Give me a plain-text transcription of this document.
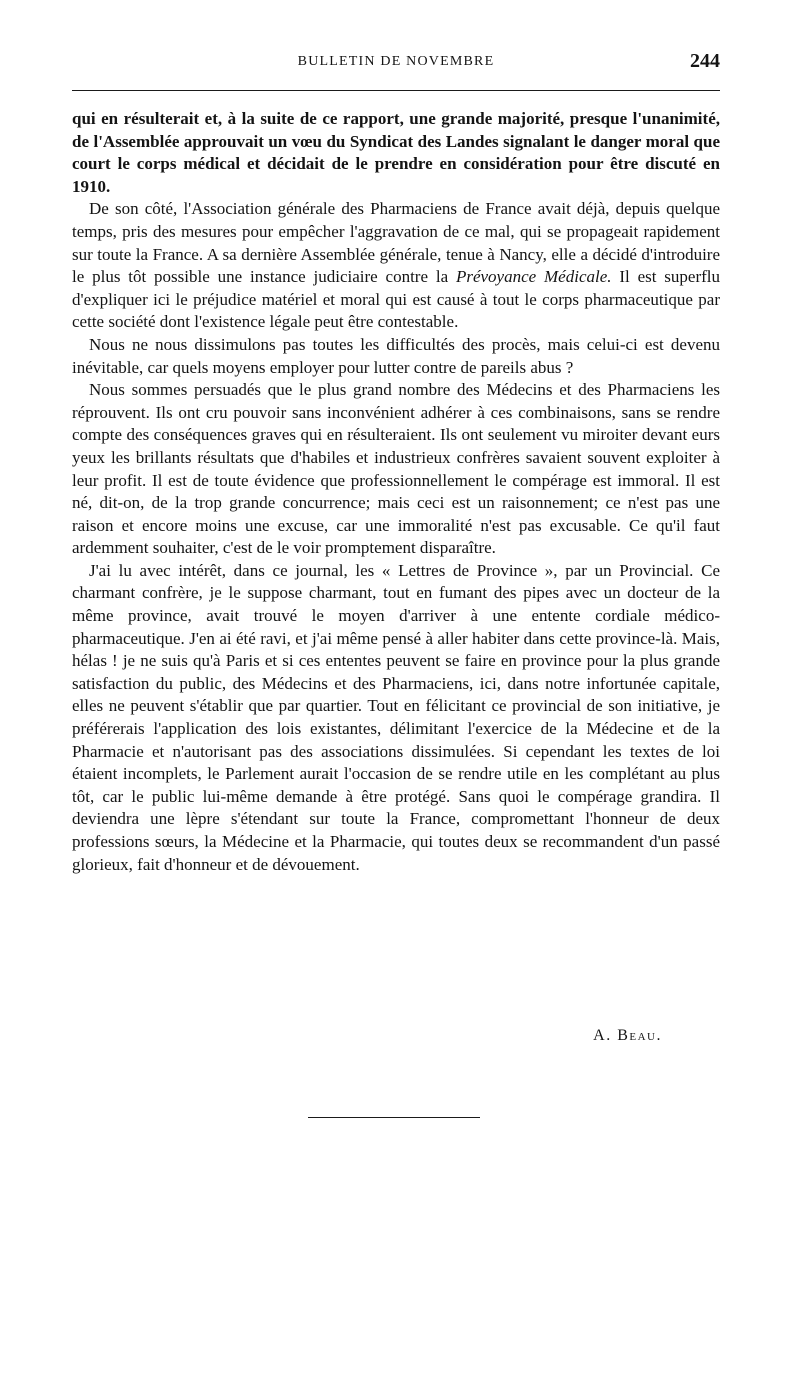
BULLETIN DE NOVEMBRE	244

qui en résulterait et, à la suite de ce rapport, une grande majorité, presque l'unanimité, de l'Assemblée approuvait un vœu du Syndicat des Landes signalant le danger moral que court le corps médical et décidait de le prendre en considération pour être discuté en 1910.

De son côté, l'Association générale des Pharmaciens de France avait déjà, depuis quelque temps, pris des mesures pour empêcher l'aggravation de ce mal, qui se propageait rapidement sur toute la France. A sa dernière Assemblée générale, tenue à Nancy, elle a décidé d'introduire le plus tôt possible une instance judiciaire contre la Prévoyance Médicale. Il est superflu d'expliquer ici le préjudice matériel et moral qui est causé à tout le corps pharmaceutique par cette société dont l'existence légale peut être contestable.

Nous ne nous dissimulons pas toutes les difficultés des procès, mais celui-ci est devenu inévitable, car quels moyens employer pour lutter contre de pareils abus ?

Nous sommes persuadés que le plus grand nombre des Médecins et des Pharmaciens les réprouvent. Ils ont cru pouvoir sans inconvénient adhérer à ces combinaisons, sans se rendre compte des conséquences graves qui en résulteraient. Ils ont seulement vu miroiter devant eurs yeux les brillants résultats que d'habiles et industrieux confrères savaient souvent exploiter à leur profit. Il est de toute évidence que professionnellement le compérage est immoral. Il est né, dit-on, de la trop grande concurrence; mais ceci est un raisonnement; ce n'est pas une raison et encore moins une excuse, car une immoralité n'est pas excusable. Ce qu'il faut ardemment souhaiter, c'est de le voir promptement disparaître.

J'ai lu avec intérêt, dans ce journal, les « Lettres de Province », par un Provincial. Ce charmant confrère, je le suppose charmant, tout en fumant des pipes avec un docteur de la même province, avait trouvé le moyen d'arriver à une entente cordiale médico-pharmaceutique. J'en ai été ravi, et j'ai même pensé à aller habiter dans cette province-là. Mais, hélas ! je ne suis qu'à Paris et si ces ententes peuvent se faire en province pour la plus grande satisfaction du public, des Médecins et des Pharmaciens, ici, dans notre infortunée capitale, elles ne peuvent s'établir que par quartier. Tout en félicitant ce provincial de son initiative, je préférerais l'application des lois existantes, délimitant l'exercice de la Médecine et de la Pharmacie et n'autorisant pas des associations dissimulées. Si cependant les textes de loi étaient incomplets, le Parlement aurait l'occasion de se rendre utile en les complétant au plus tôt, car le public lui-même demande à être protégé. Sans quoi le compérage grandira. Il deviendra une lèpre s'étendant sur toute la France, compromettant l'honneur de deux professions sœurs, la Médecine et la Pharmacie, qui toutes deux se recommandent d'un passé glorieux, fait d'honneur et de dévouement.

A. Beau.
